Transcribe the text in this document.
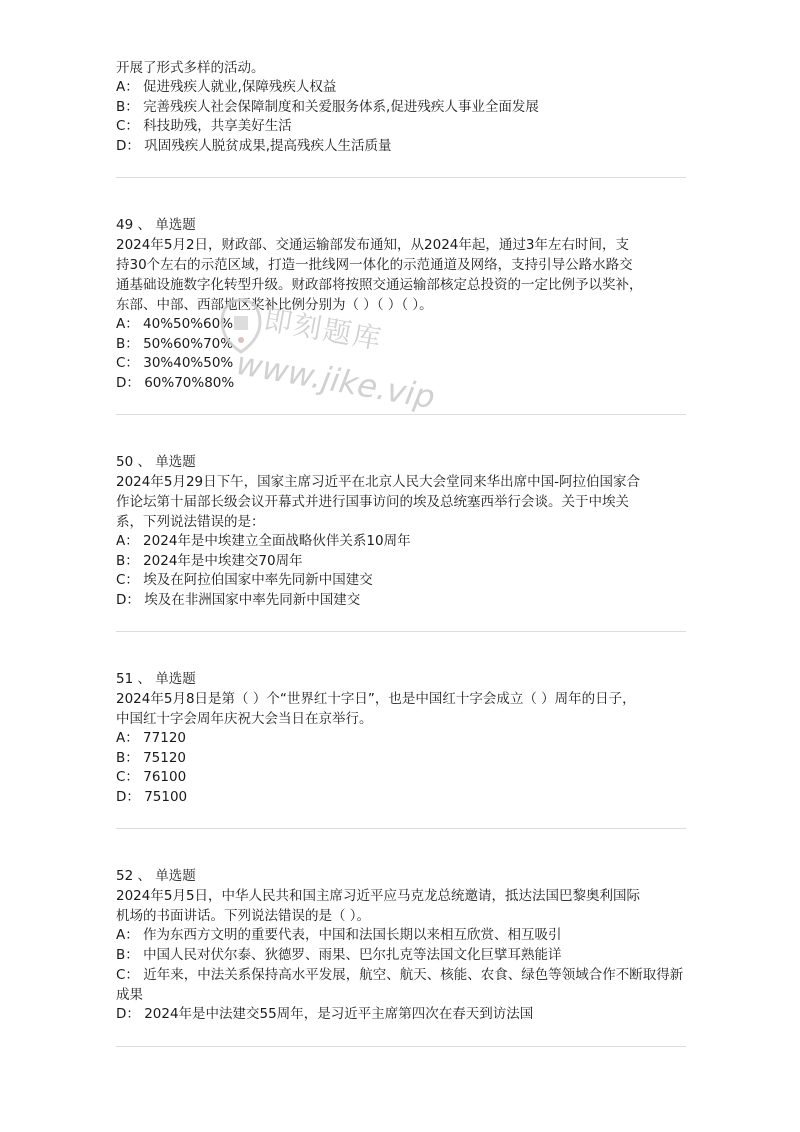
开展了形式多样的活动。
A： 促进残疾人就业,保障残疾人权益
B： 完善残疾人社会保障制度和关爱服务体系,促进残疾人事业全面发展
C： 科技助残，共享美好生活
D： 巩固残疾人脱贫成果,提高残疾人生活质量
49 、 单选题
2024年5月2日，财政部、交通运输部发布通知，从2024年起，通过3年左右时间，支
持30个左右的示范区域，打造一批线网一体化的示范通道及网络，支持引导公路水路交
通基础设施数字化转型升级。财政部将按照交通运输部核定总投资的一定比例予以奖补，
东部、中部、西部地区奖补比例分别为（ ）（ ）（ ）。
A： 40%50%60%
B： 50%60%70%
C： 30%40%50%
D： 60%70%80%
50 、 单选题
2024年5月29日下午，国家主席习近平在北京人民大会堂同来华出席中国-阿拉伯国家合
作论坛第十届部长级会议开幕式并进行国事访问的埃及总统塞西举行会谈。关于中埃关
系，下列说法错误的是：
A： 2024年是中埃建立全面战略伙伴关系10周年
B： 2024年是中埃建交70周年
C： 埃及在阿拉伯国家中率先同新中国建交
D： 埃及在非洲国家中率先同新中国建交
51 、 单选题
2024年5月8日是第（ ）个“世界红十字日”，也是中国红十字会成立（ ）周年的日子，
中国红十字会周年庆祝大会当日在京举行。
A： 77120
B： 75120
C： 76100
D： 75100
52 、 单选题
2024年5月5日，中华人民共和国主席习近平应马克龙总统邀请，抵达法国巴黎奥利国际
机场的书面讲话。下列说法错误的是（ ）。
A： 作为东西方文明的重要代表，中国和法国长期以来相互欣赏、相互吸引
B： 中国人民对伏尔泰、狄德罗、雨果、巴尔扎克等法国文化巨擘耳熟能详
C： 近年来，中法关系保持高水平发展，航空、航天、核能、农食、绿色等领域合作不断取得新成果
D： 2024年是中法建交55周年，是习近平主席第四次在春天到访法国
即刻题库
www.jike.vip
